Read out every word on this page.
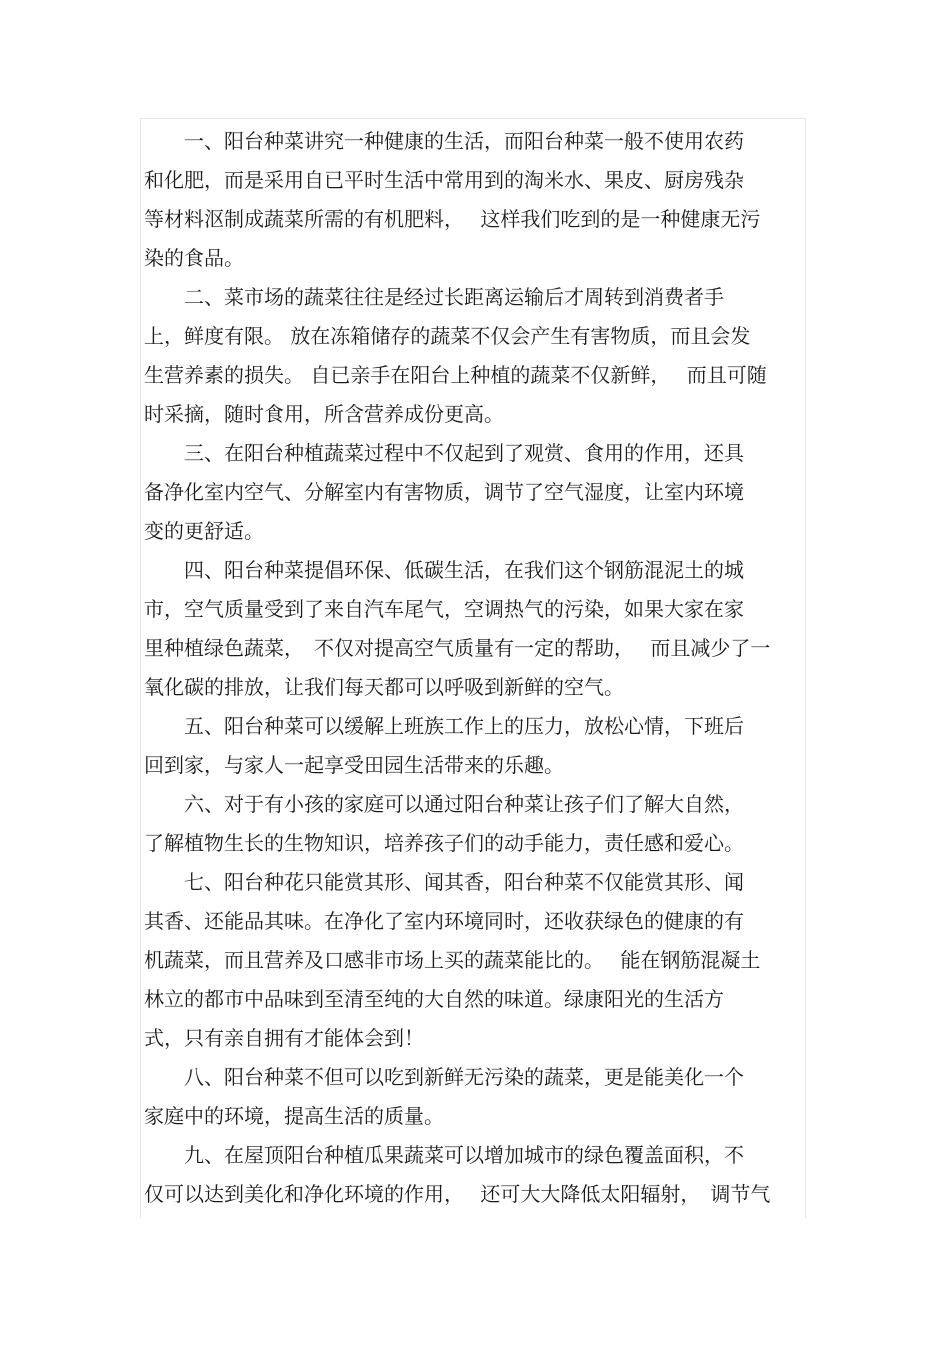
一、阳台种菜讲究一种健康的生活，而阳台种菜一般不使用农药
和化肥，而是采用自已平时生活中常用到的淘米水、果皮、厨房残杂
等材料沤制成蔬菜所需的有机肥料，　 这样我们吃到的是一种健康无污
染的食品。
二、菜市场的蔬菜往往是经过长距离运输后才周转到消费者手
上，鲜度有限。 放在冻箱储存的蔬菜不仅会产生有害物质，而且会发
生营养素的损失。 自已亲手在阳台上种植的蔬菜不仅新鲜，　 而且可随
时采摘，随时食用，所含营养成份更高。
三、在阳台种植蔬菜过程中不仅起到了观赏、食用的作用，还具
备净化室内空气、分解室内有害物质，调节了空气湿度，让室内环境
变的更舒适。
四、阳台种菜提倡环保、低碳生活，在我们这个钢筋混泥土的城
市，空气质量受到了来自汽车尾气，空调热气的污染，如果大家在家
里种植绿色蔬菜，　不仅对提高空气质量有一定的帮助，　 而且减少了一
氧化碳的排放，让我们每天都可以呼吸到新鲜的空气。
五、阳台种菜可以缓解上班族工作上的压力，放松心情，下班后
回到家，与家人一起享受田园生活带来的乐趣。
六、对于有小孩的家庭可以通过阳台种菜让孩子们了解大自然，
了解植物生长的生物知识，培养孩子们的动手能力，责任感和爱心。
七、阳台种花只能赏其形、闻其香，阳台种菜不仅能赏其形、闻
其香、还能品其味。在净化了室内环境同时，还收获绿色的健康的有
机蔬菜，而且营养及口感非市场上买的蔬菜能比的。　 能在钢筋混凝土
林立的都市中品味到至清至纯的大自然的味道。绿康阳光的生活方
式，只有亲自拥有才能体会到！
八、阳台种菜不但可以吃到新鲜无污染的蔬菜，更是能美化一个
家庭中的环境，提高生活的质量。
九、在屋顶阳台种植瓜果蔬菜可以增加城市的绿色覆盖面积，不
仅可以达到美化和净化环境的作用，　 还可大大降低太阳辐射，　调节气
